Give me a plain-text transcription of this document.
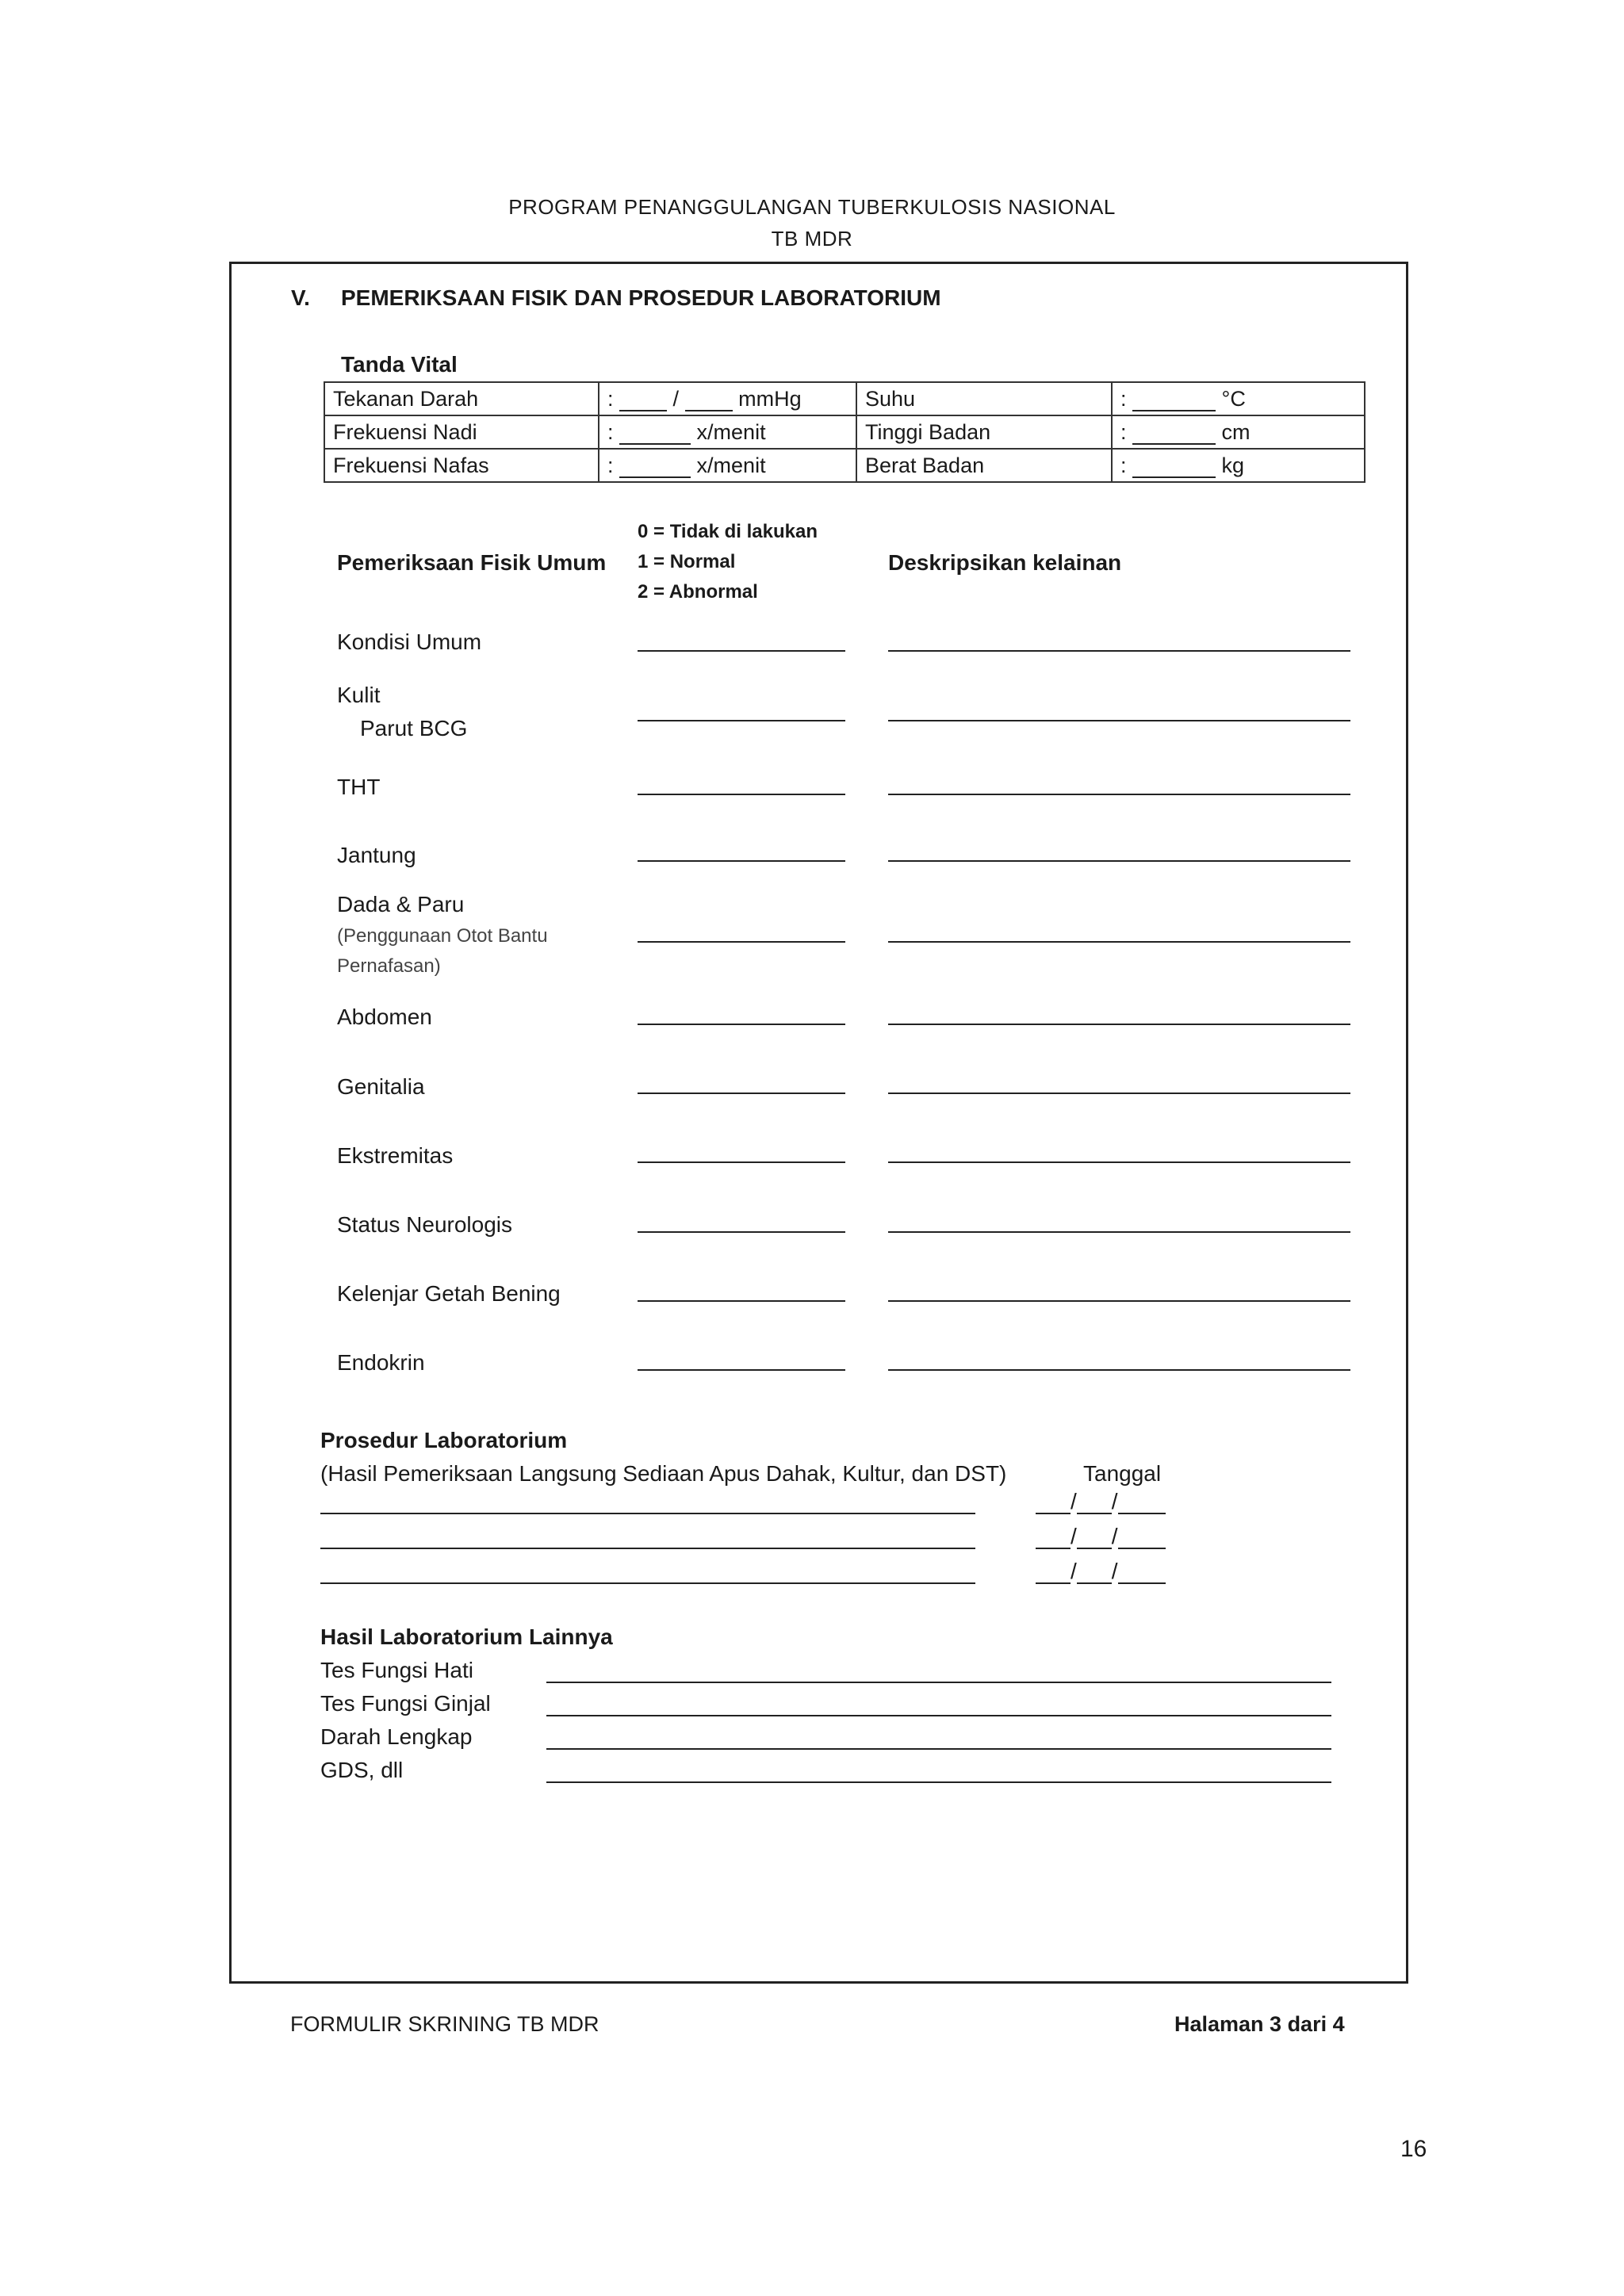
PROGRAM PENANGGULANGAN TUBERKULOSIS NASIONAL
TB MDR
V. PEMERIKSAAN FISIK DAN PROSEDUR LABORATORIUM
Tanda Vital
Tekanan Darah	: / mmHg	Suhu	: °C
Frekuensi Nadi	: x/menit	Tinggi Badan	: cm
Frekuensi Nafas	: x/menit	Berat Badan	: kg
Pemeriksaan Fisik Umum
0 = Tidak di lakukan
1 = Normal
2 = Abnormal
Deskripsikan kelainan
Kondisi Umum
Kulit
Parut BCG
THT
Jantung
Dada & Paru
(Penggunaan Otot Bantu
Pernafasan)
Abdomen
Genitalia
Ekstremitas
Status Neurologis
Kelenjar Getah Bening
Endokrin
Prosedur Laboratorium
(Hasil Pemeriksaan Langsung Sediaan Apus Dahak, Kultur, dan DST)	Tanggal
/ /
/ /
/ /
Hasil Laboratorium Lainnya
Tes Fungsi Hati
Tes Fungsi Ginjal
Darah Lengkap
GDS, dll
FORMULIR SKRINING TB MDR	Halaman 3 dari 4
16
